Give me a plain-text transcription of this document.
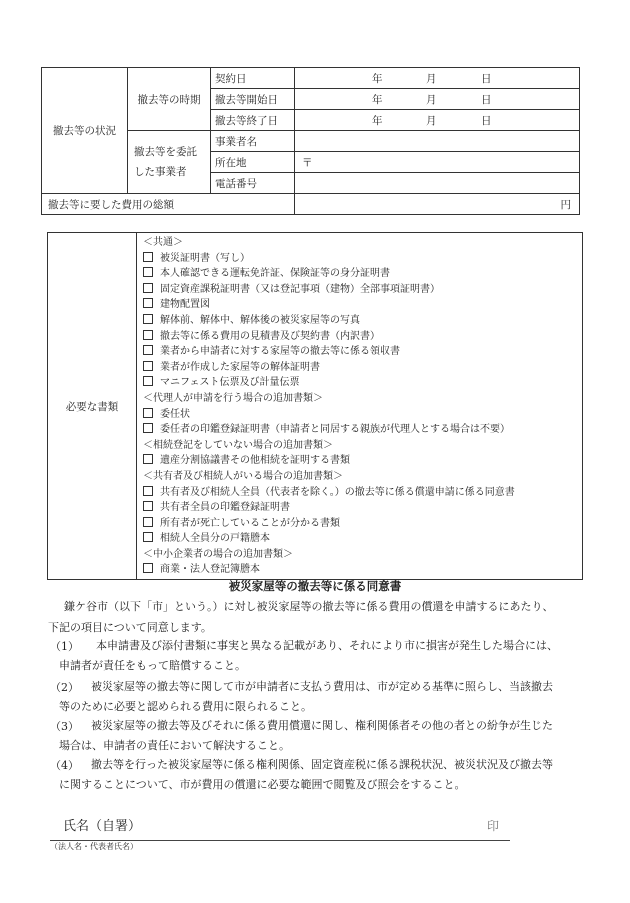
撤去等の状況	撤去等の時期	契約日	年 月 日

		撤去等開始日	年 月 日

		撤去等終了日	年 月 日

	撤去等を委託
した事業者	事業者名	
		所在地	〒

		電話番号	
撤去等に要した費用の総額			円
必要な書類	
＜共通＞
被災証明書（写し）
本人確認できる運転免許証、保険証等の身分証明書
固定資産課税証明書（又は登記事項（建物）全部事項証明書）
建物配置図
解体前、解体中、解体後の被災家屋等の写真
撤去等に係る費用の見積書及び契約書（内訳書）
業者から申請者に対する家屋等の撤去等に係る領収書
業者が作成した家屋等の解体証明書
マニフェスト伝票及び計量伝票
＜代理人が申請を行う場合の追加書類＞
委任状
委任者の印鑑登録証明書（申請者と同居する親族が代理人とする場合は不要）
＜相続登記をしていない場合の追加書類＞
遺産分割協議書その他相続を証明する書類
＜共有者及び相続人がいる場合の追加書類＞
共有者及び相続人全員（代表者を除く。）の撤去等に係る償還申請に係る同意書
共有者全員の印鑑登録証明書
所有者が死亡していることが分かる書類
相続人全員分の戸籍謄本
＜中小企業者の場合の追加書類＞
商業・法人登記簿謄本
被災家屋等の撤去等に係る同意書
鎌ケ谷市（以下「市」という。）に対し被災家屋等の撤去等に係る費用の償還を申請するにあたり、
下記の項目について同意します。
（1） 本申請書及び添付書類に事実と異なる記載があり、それにより市に損害が発生した場合には、
申請者が責任をもって賠償すること。
（2） 被災家屋等の撤去等に関して市が申請者に支払う費用は、市が定める基準に照らし、当該撤去
等のために必要と認められる費用に限られること。
（3） 被災家屋等の撤去等及びそれに係る費用償還に関し、権利関係者その他の者との紛争が生じた
場合は、申請者の責任において解決すること。
（4） 撤去等を行った被災家屋等に係る権利関係、固定資産税に係る課税状況、被災状況及び撤去等
に関することについて、市が費用の償還に必要な範囲で閲覧及び照会をすること。
氏名（自署）	印
（法人名・代表者氏名）
